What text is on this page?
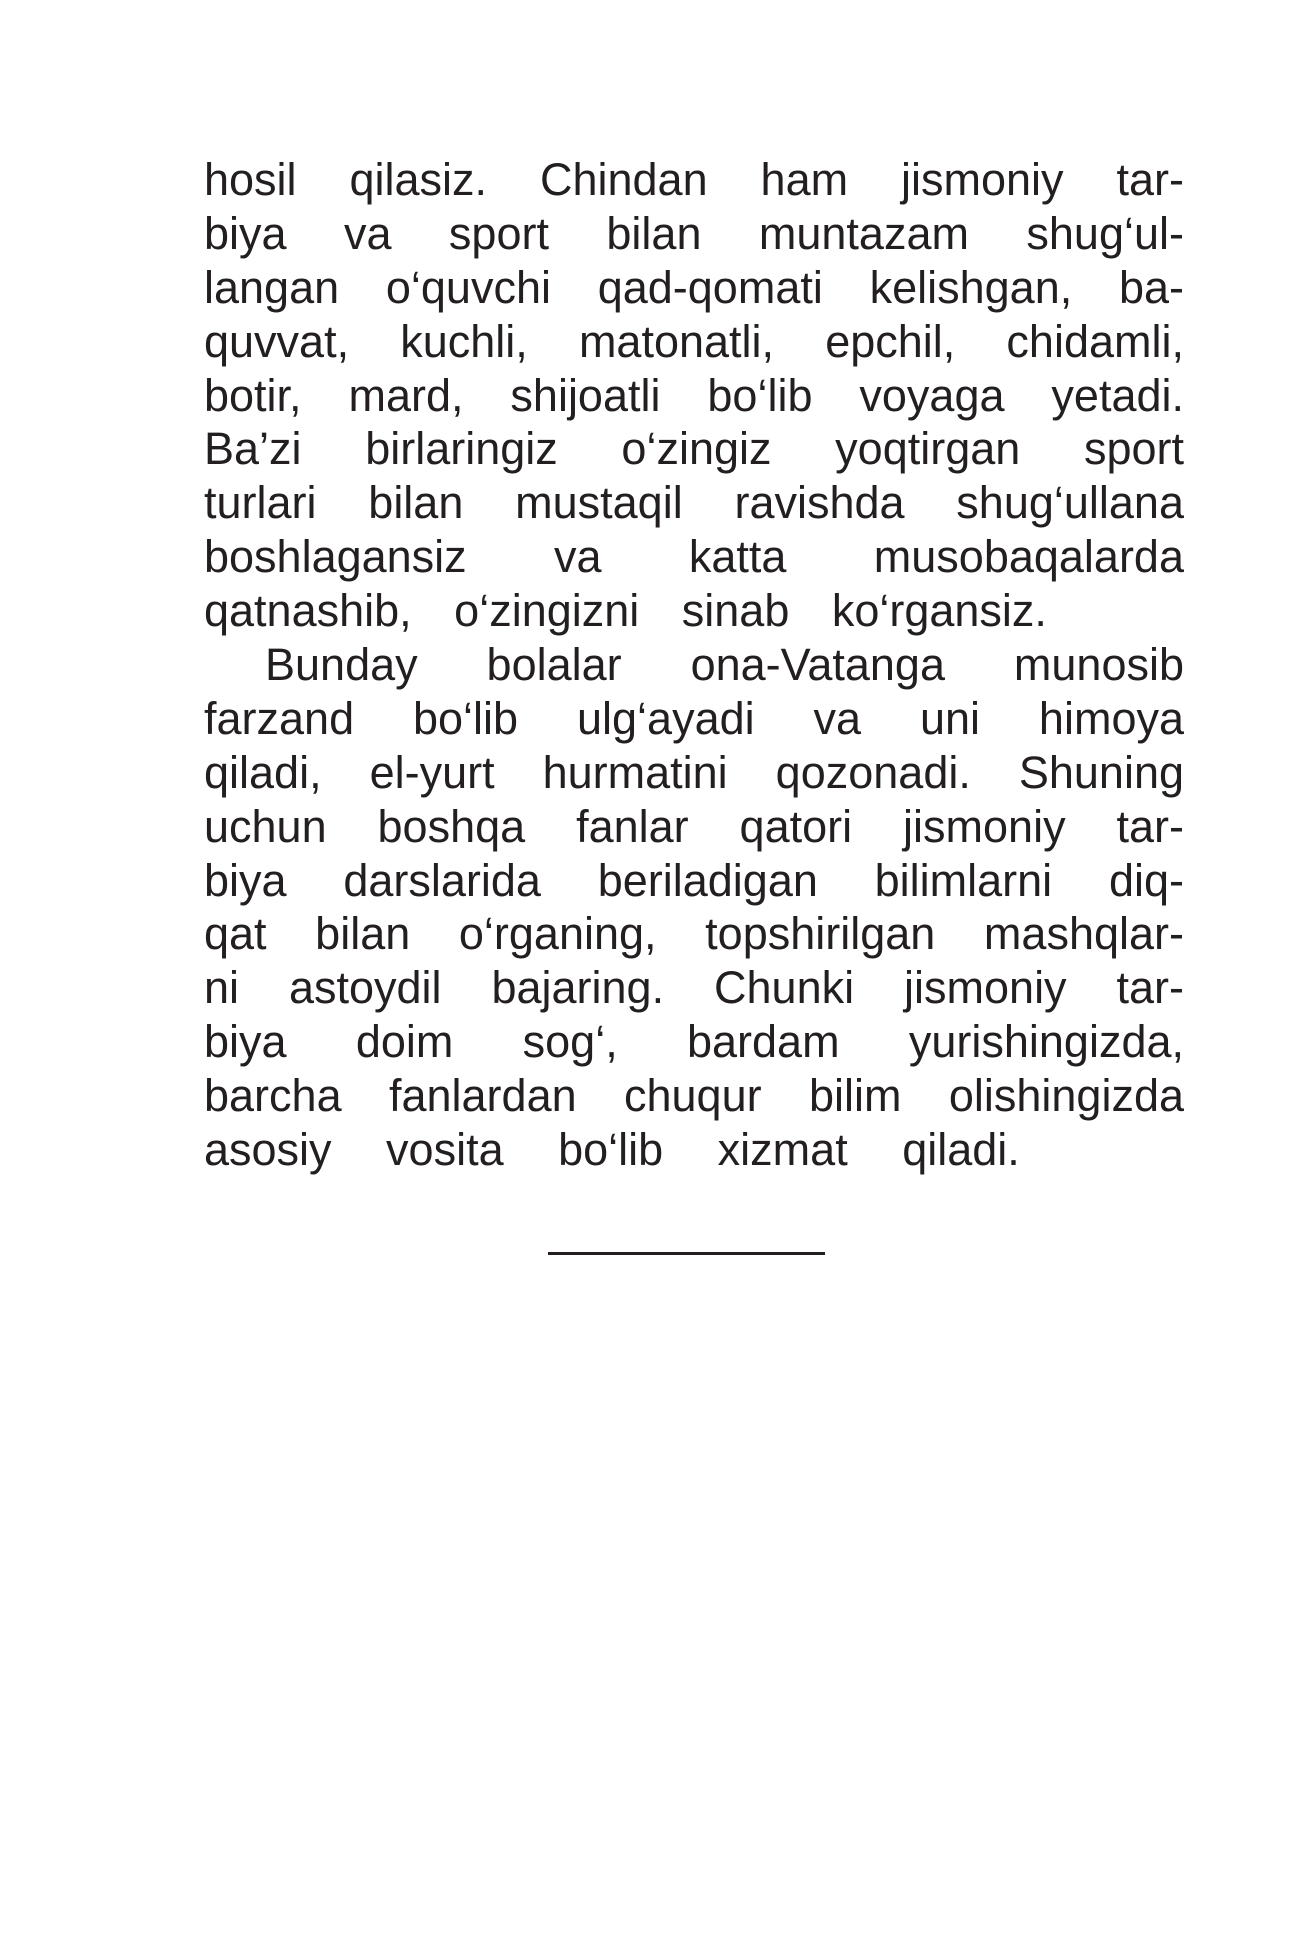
hosil qilasiz. Chindan ham jismoniy tar-
biya va sport bilan muntazam shug‘ul-
langan o‘quvchi qad-qomati kelishgan, ba-
quvvat, kuchli, matonatli, epchil, chidamli,
botir, mard, shijoatli bo‘lib voyaga yetadi.
Ba’zi birlaringiz o‘zingiz yoqtirgan sport
turlari bilan mustaqil ravishda shug‘ullana
boshlagansiz va katta musobaqalarda
qatnashib, o‘zingizni sinab ko‘rgansiz.
Bunday bolalar ona-Vatanga munosib
farzand bo‘lib ulg‘ayadi va uni himoya
qiladi, el-yurt hurmatini qozonadi. Shuning
uchun boshqa fanlar qatori jismoniy tar-
biya darslarida beriladigan bilimlarni diq-
qat bilan o‘rganing, topshirilgan mashqlar-
ni astoydil bajaring. Chunki jismoniy tar-
biya doim sog‘, bardam yurishingizda,
barcha fanlardan chuqur bilim olishingizda
asosiy vosita bo‘lib xizmat qiladi.
